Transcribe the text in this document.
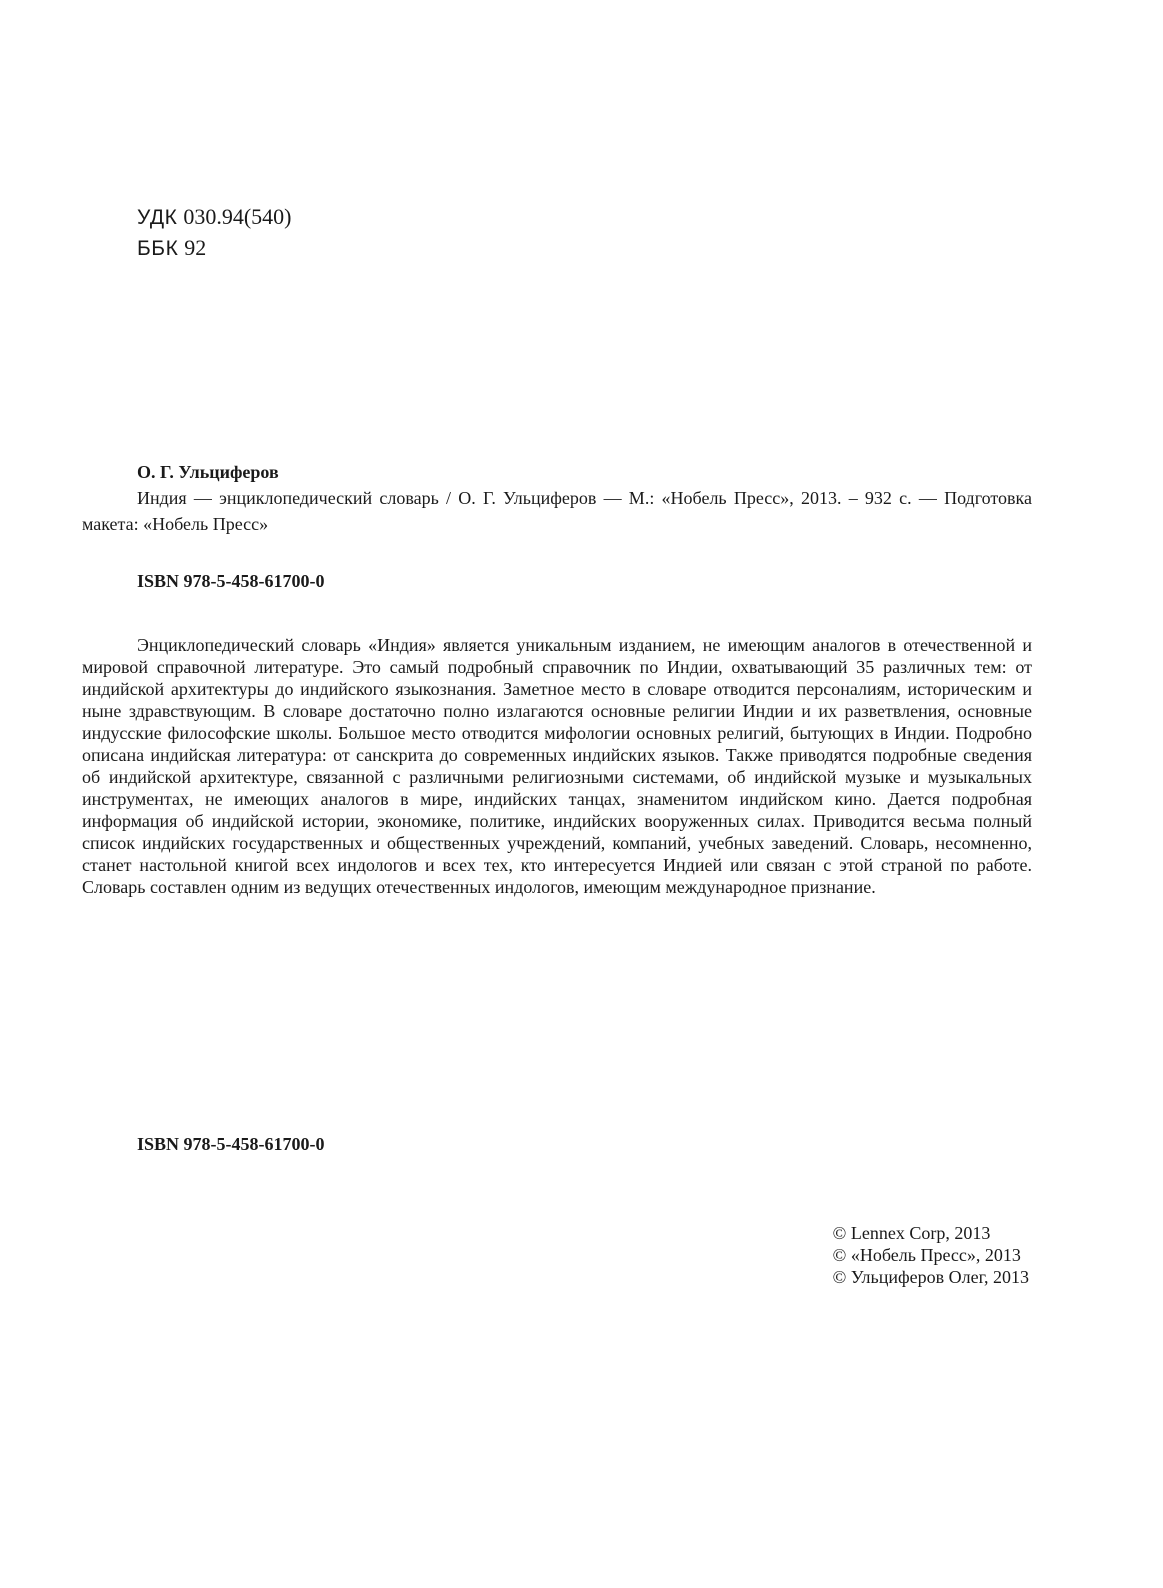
УДК 030.94(540)
ББК 92
О. Г. Ульциферов

Индия — энциклопедический словарь / О. Г. Ульциферов — М.: «Нобель Пресс», 2013. – 932 с. — Подготовка макета: «Нобель Пресс»

ISBN 978-5-458-61700-0

Энциклопедический словарь «Индия» является уникальным изданием, не имеющим аналогов в отечественной и мировой справочной литературе. Это самый подробный справочник по Индии, охватывающий 35 различных тем: от индийской архитектуры до индийского языкознания. Заметное место в словаре отводится персоналиям, историческим и ныне здравствующим. В словаре достаточно полно излагаются основные религии Индии и их разветвления, основные индусские философские школы. Большое место отводится мифологии основных религий, бытующих в Индии. Подробно описана индийская литература: от санскрита до современных индийских языков. Также приводятся подробные сведения об индийской архитектуре, связанной с различными религиозными системами, об индийской музыке и музыкальных инструментах, не имеющих аналогов в мире, индийских танцах, знаменитом индийском кино. Дается подробная информация об индийской истории, экономике, политике, индийских вооруженных силах. Приводится весьма полный список индийских государственных и общественных учреждений, компаний, учебных заведений. Словарь, несомненно, станет настольной книгой всех индологов и всех тех, кто интересуется Индией или связан с этой страной по работе. Словарь составлен одним из ведущих отечественных индологов, имеющим международное признание.

ISBN 978-5-458-61700-0
© Lennex Corp, 2013
© «Нобель Пресс», 2013
© Ульциферов Олег, 2013
